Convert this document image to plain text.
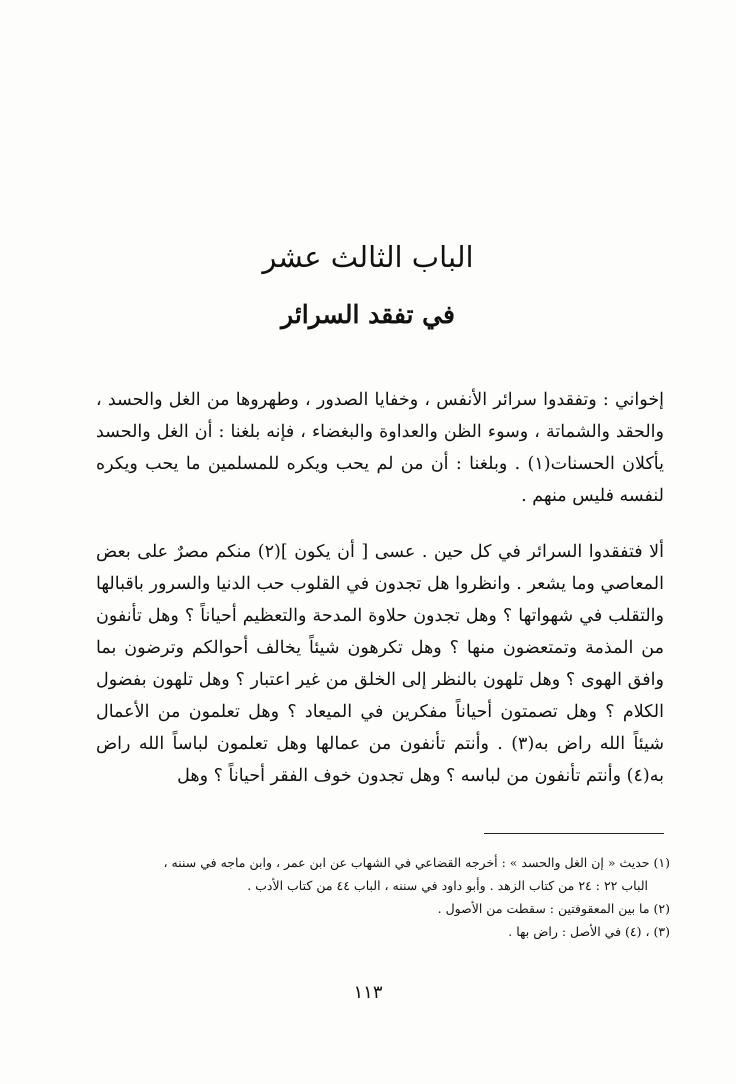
الباب الثالث عشر
في تفقد السرائر

إخواني : وتفقدوا سرائر الأنفس ، وخفايا الصدور ، وطهروها من الغل والحسد ، والحقد والشماتة ، وسوء الظن والعداوة والبغضاء ، فإنه بلغنا : أن الغل والحسد يأكلان الحسنات(١) . وبلغنا : أن من لم يحب ويكره للمسلمين ما يحب ويكره لنفسه فليس منهم .

ألا فتفقدوا السرائر في كل حين . عسى [ أن يكون ](٢) منكم مصرٌ على بعض المعاصي وما يشعر . وانظروا هل تجدون في القلوب حب الدنيا والسرور باقبالها والتقلب في شهواتها ؟ وهل تجدون حلاوة المدحة والتعظيم أحياناً ؟ وهل تأنفون من المذمة وتمتعضون منها ؟ وهل تكرهون شيئاً يخالف أحوالكم وترضون بما وافق الهوى ؟ وهل تلهون بالنظر إلى الخلق من غير اعتبار ؟ وهل تلهون بفضول الكلام ؟ وهل تصمتون أحياناً مفكرين في الميعاد ؟ وهل تعلمون من الأعمال شيئاً الله راض به(٣) . وأنتم تأنفون من عمالها وهل تعلمون لباساً الله راض به(٤) وأنتم تأنفون من لباسه ؟ وهل تجدون خوف الفقر أحياناً ؟ وهل

(١) حديث « إن الغل والحسد » : أخرجه القضاعي في الشهاب عن ابن عمر ، وابن ماجه في سننه ،
الباب ٢٢ : ٢٤ من كتاب الزهد . وأبو داود في سننه ، الباب ٤٤ من كتاب الأدب .
(٢) ما بين المعقوفتين : سقطت من الأصول .
(٣) ، (٤) في الأصل : راض بها .
١١٣
